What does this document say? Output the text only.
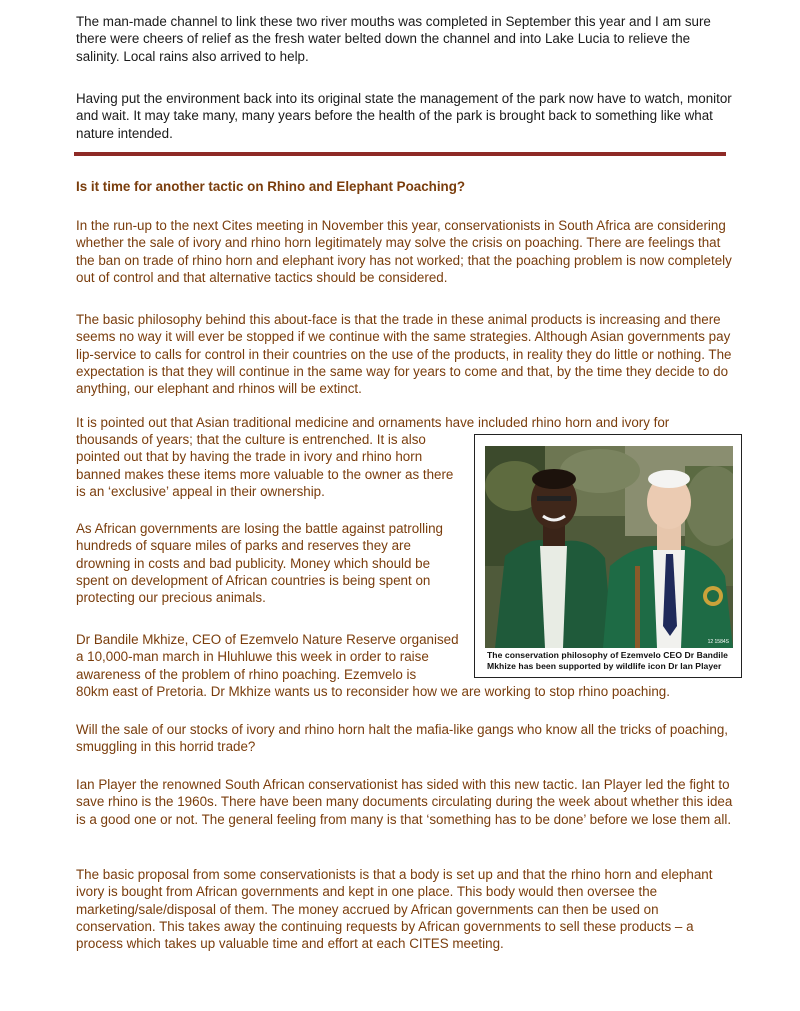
The man-made channel to link these two river mouths was completed in September this year and I am sure there were cheers of relief as the fresh water belted down the channel and into Lake Lucia to relieve the salinity. Local rains also arrived to help.

Having put the environment back into its original state the management of the park now have to watch, monitor and wait. It may take many, many years before the health of the park is brought back to something like what nature intended.

Is it time for another tactic on Rhino and Elephant Poaching?

In the run-up to the next Cites meeting in November this year, conservationists in South Africa are considering whether the sale of ivory and rhino horn legitimately may solve the crisis on poaching. There are feelings that the ban on trade of rhino horn and elephant ivory has not worked; that the poaching problem is now completely out of control and that alternative tactics should be considered.

The basic philosophy behind this about-face is that the trade in these animal products is increasing and there seems no way it will ever be stopped if we continue with the same strategies. Although Asian governments pay lip-service to calls for control in their countries on the use of the products, in reality they do little or nothing. The expectation is that they will continue in the same way for years to come and that, by the time they decide to do anything, our elephant and rhinos will be extinct.

It is pointed out that Asian traditional medicine and ornaments have included rhino horn and ivory for

thousands of years; that the culture is entrenched. It is also pointed out that by having the trade in ivory and rhino horn banned makes these items more valuable to the owner as there is an ‘exclusive’ appeal in their ownership.

As African governments are losing the battle against patrolling hundreds of square miles of parks and reserves they are drowning in costs and bad publicity. Money which should be spent on development of African countries is being spent on protecting our precious animals.

Dr Bandile Mkhize, CEO of Ezemvelo Nature Reserve organised a 10,000-man march in Hluhluwe this week in order to raise awareness of the problem of rhino poaching. Ezemvelo is

80km east of Pretoria. Dr Mkhize wants us to reconsider how we are working to stop rhino poaching.

Will the sale of our stocks of ivory and rhino horn halt the mafia-like gangs who know all the tricks of poaching, smuggling in this horrid trade?

Ian Player the renowned South African conservationist has sided with this new tactic. Ian Player led the fight to save rhino is the 1960s. There have been many documents circulating during the week about whether this idea is a good one or not. The general feeling from many is that ‘something has to be done’ before we lose them all.

The basic proposal from some conservationists is that a body is set up and that the rhino horn and elephant ivory is bought from African governments and kept in one place. This body would then oversee the marketing/sale/disposal of them. The money accrued by African governments can then be used on conservation. This takes away the continuing requests by African governments to sell these products – a process which takes up valuable time and effort at each CITES meeting.

12 1584S
The conservation philosophy of Ezemvelo CEO Dr Bandile Mkhize has been supported by wildlife icon Dr Ian Player
